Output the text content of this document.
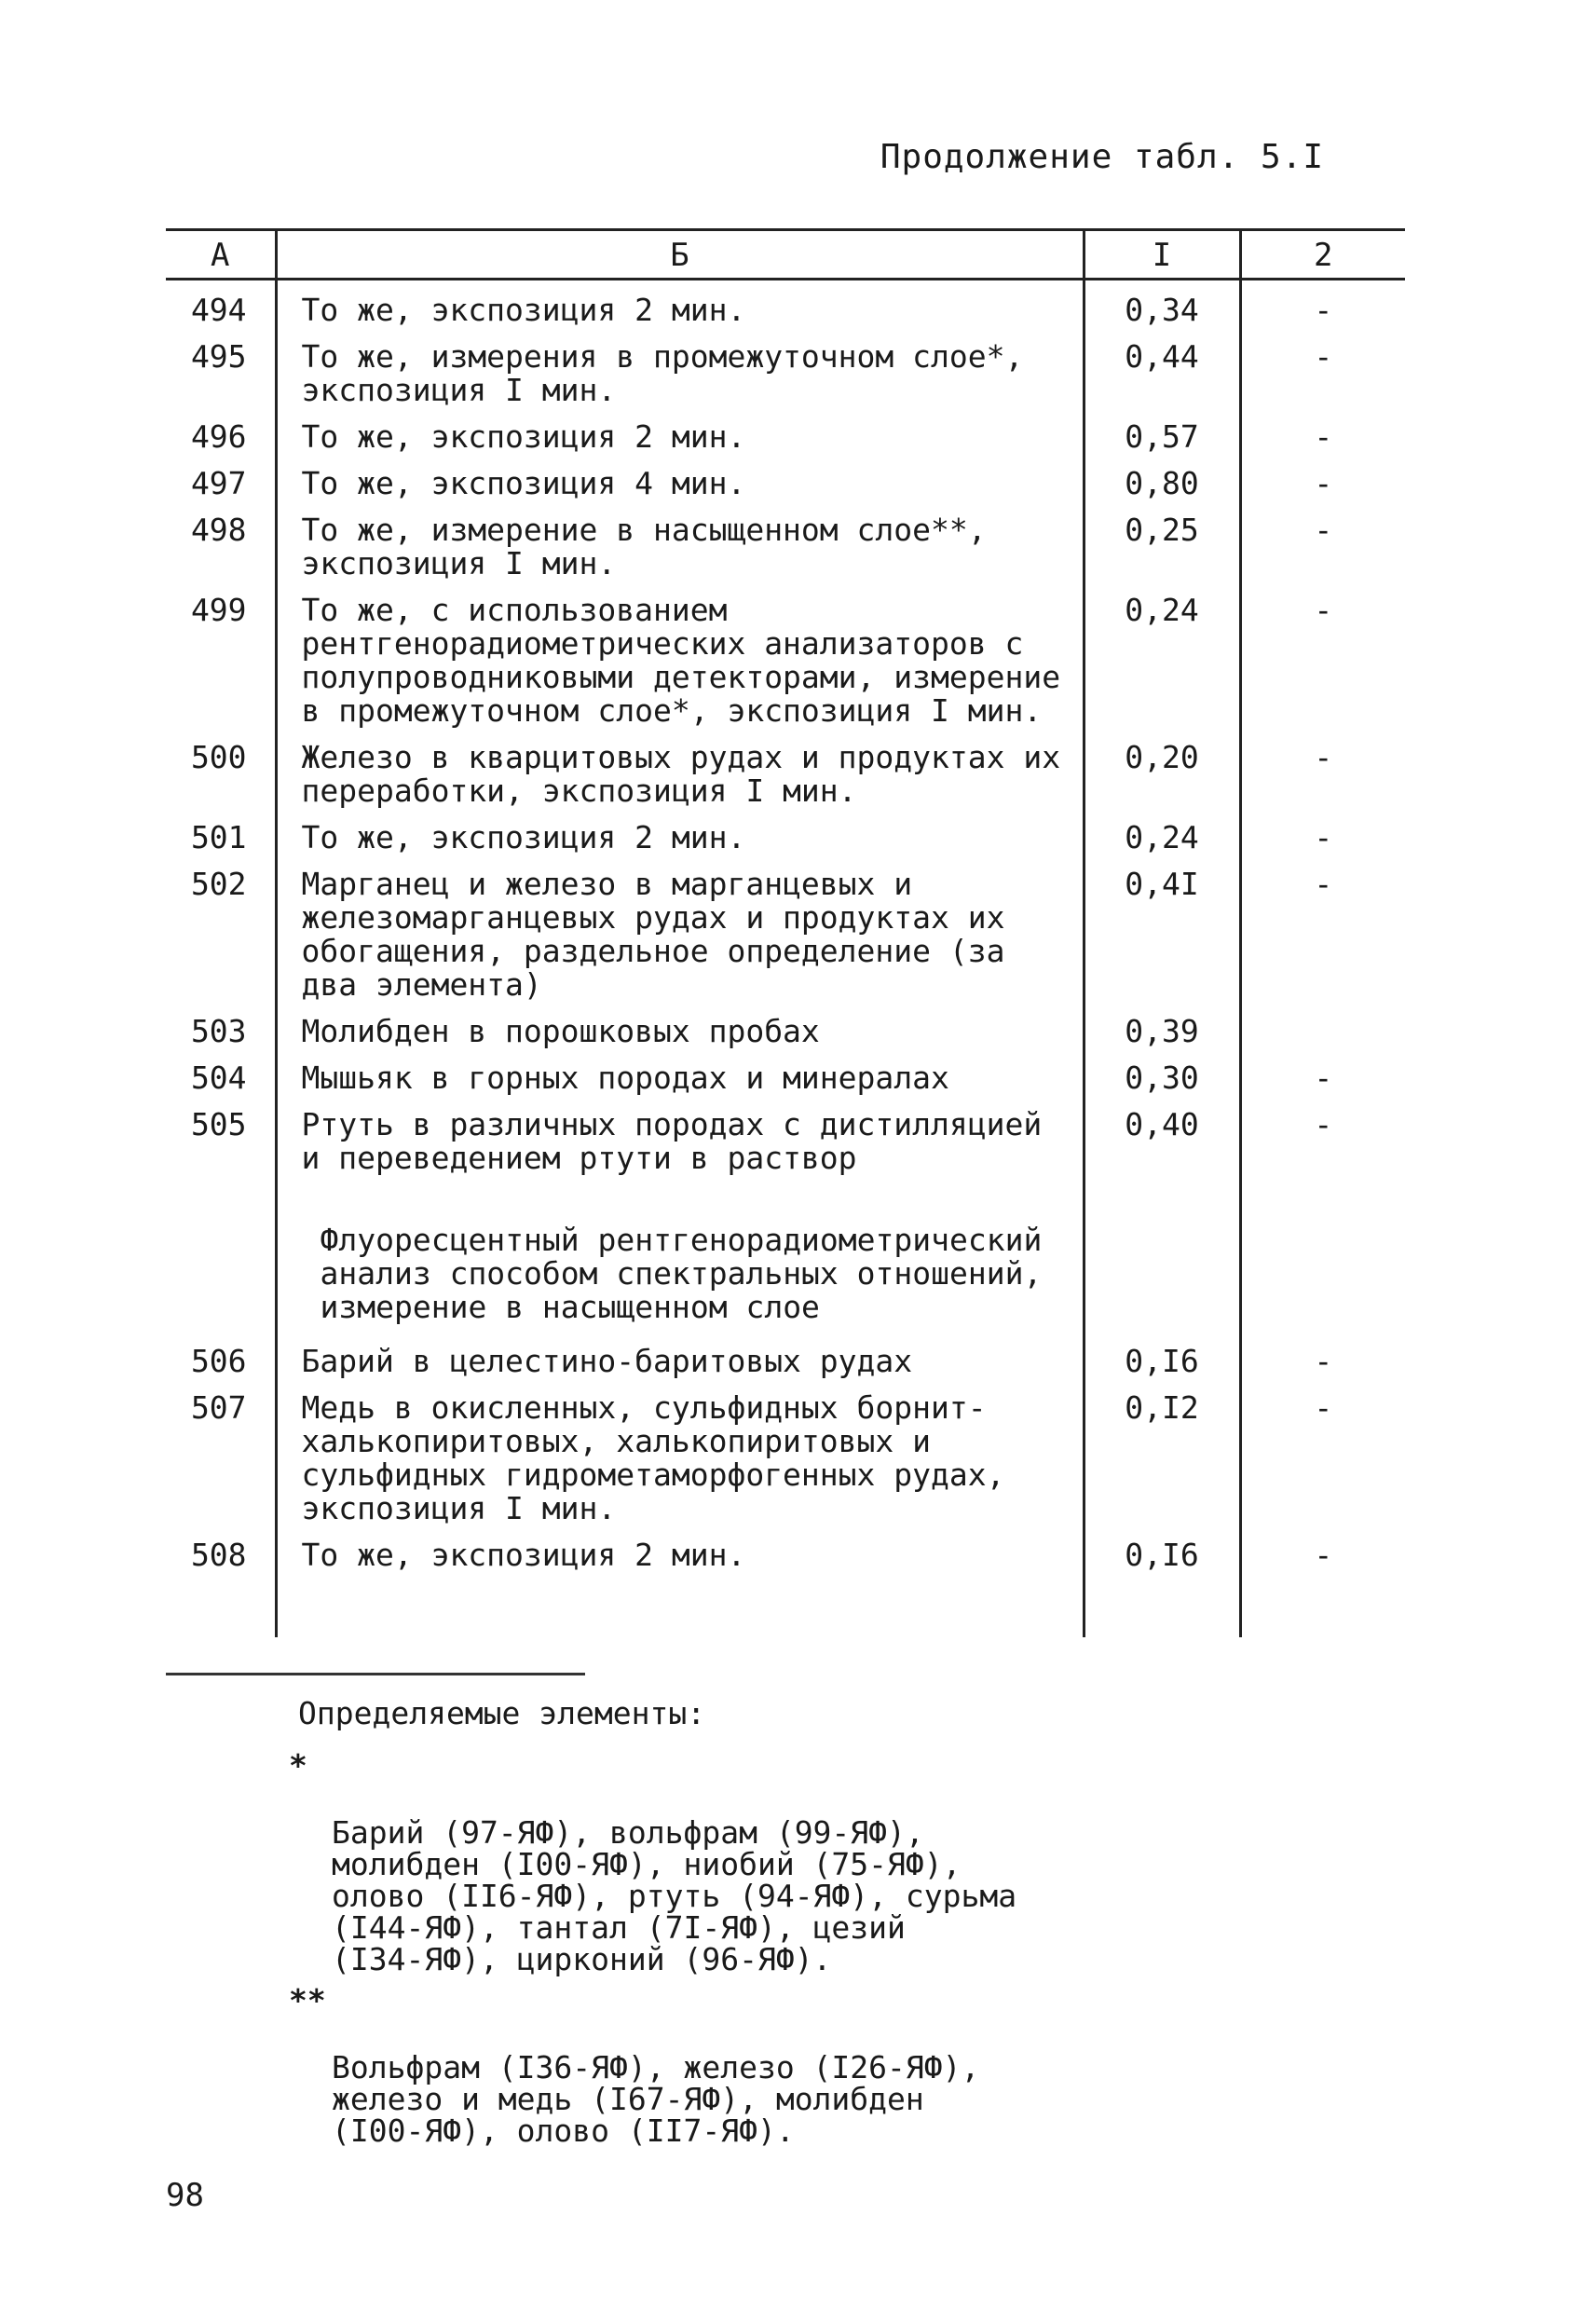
Продолжение табл. 5.I
А	Б	I	2
494	То же, экспозиция 2 мин.	0,34	-
495	То же, измерения в промежуточном слое*, экспозиция I мин.	0,44	-
496	То же, экспозиция 2 мин.	0,57	-
497	То же, экспозиция 4 мин.	0,80	-
498	То же, измерение в насыщенном слое**, экспозиция I мин.	0,25	-
499	То же, с использованием рентгенорадиометрических анализаторов с полупроводниковыми детекторами, измерение в промежуточном слое*, экспозиция I мин.	0,24	-
500	Железо в кварцитовых рудах и продуктах их переработки, экспозиция I мин.	0,20	-
501	То же, экспозиция 2 мин.	0,24	-
502	Марганец и железо в марганцевых и железомарганцевых рудах и продуктах их обогащения, раздельное определение (за два элемента)	0,4I	-
503	Молибден в порошковых пробах	0,39	
504	Мышьяк в горных породах и минералах	0,30	-
505	Ртуть в различных породах с дистилляцией и переведением ртути в раствор	0,40	-
	Флуоресцентный рентгенорадиометрический анализ способом спектральных отношений, измерение в насыщенном слое		
506	Барий в целестино-баритовых рудах	0,I6	-
507	Медь в окисленных, сульфидных борнит-халькопиритовых, халькопиритовых и сульфидных гидрометаморфогенных рудах, экспозиция I мин.	0,I2	-
508	То же, экспозиция 2 мин.	0,I6	-
Определяемые элементы:

*

Барий (97-ЯФ), вольфрам (99-ЯФ),
молибден (I00-ЯФ), ниобий (75-ЯФ),
олово (II6-ЯФ), ртуть (94-ЯФ), сурьма
(I44-ЯФ), тантал (7I-ЯФ), цезий
(I34-ЯФ), цирконий (96-ЯФ).

**

Вольфрам (I36-ЯФ), железо (I26-ЯФ),
железо и медь (I67-ЯФ), молибден
(I00-ЯФ), олово (II7-ЯФ).

98
